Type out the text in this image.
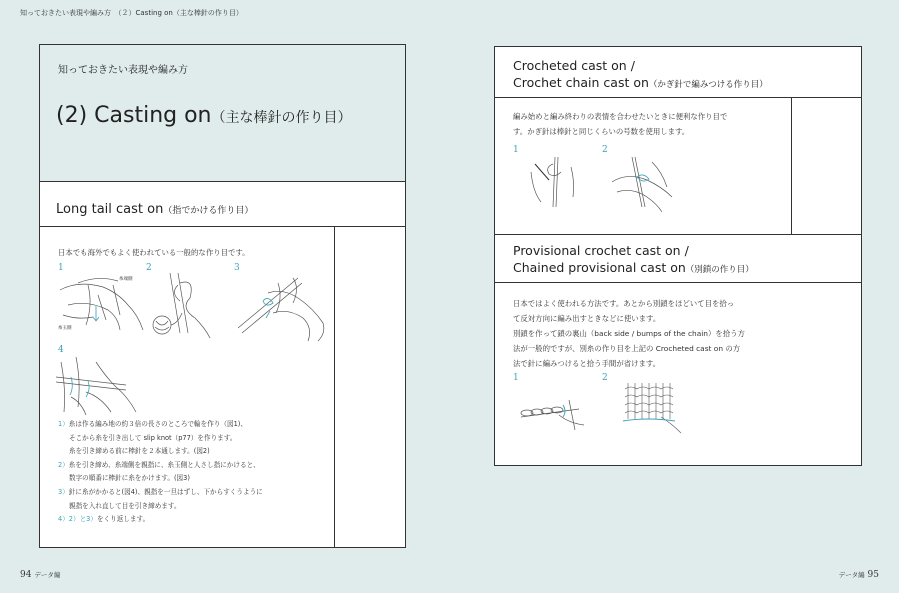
知っておきたい表現や編み方　（２）Casting on（主な棒針の作り目）
知っておきたい表現や編み方
(2) Casting on（主な棒針の作り目）
Long tail cast on（指でかける作り目）
日本でも海外でもよく使われている一般的な作り目です。
1	2	3
4
糸端側
糸玉側
1）糸は作る編み地の約３倍の長さのところで輪を作り（図1)、
そこから糸を引き出して slip knot（p77）を作ります。
糸を引き締める前に棒針を２本通します。(図2)
2）糸を引き締め、糸端側を親指に、糸玉側と人さし指にかけると、
数字の順番に棒針に糸をかけます。(図3)
3）針に糸がかかると(図4)、親指を一旦はずし、下からすくうように
親指を入れ直して目を引き締めます。
4）2）と3）をくり返します。
Crocheted cast on /
Crochet chain cast on（かぎ針で編みつける作り目）
編み始めと編み終わりの表情を合わせたいときに便利な作り目で
す。かぎ針は棒針と同じくらいの号数を使用します。
1	2
Provisional crochet cast on /
Chained provisional cast on（別鎖の作り目）
日本ではよく使われる方法です。あとから別鎖をほどいて目を拾っ
て反対方向に編み出すときなどに使います。
別鎖を作って鎖の裏山（back side / bumps of the chain）を拾う方
法が一般的ですが、別糸の作り目を上記の Crocheted cast on の方
法で針に編みつけると拾う手間が省けます。
1	2
94 データ編	データ編 95
